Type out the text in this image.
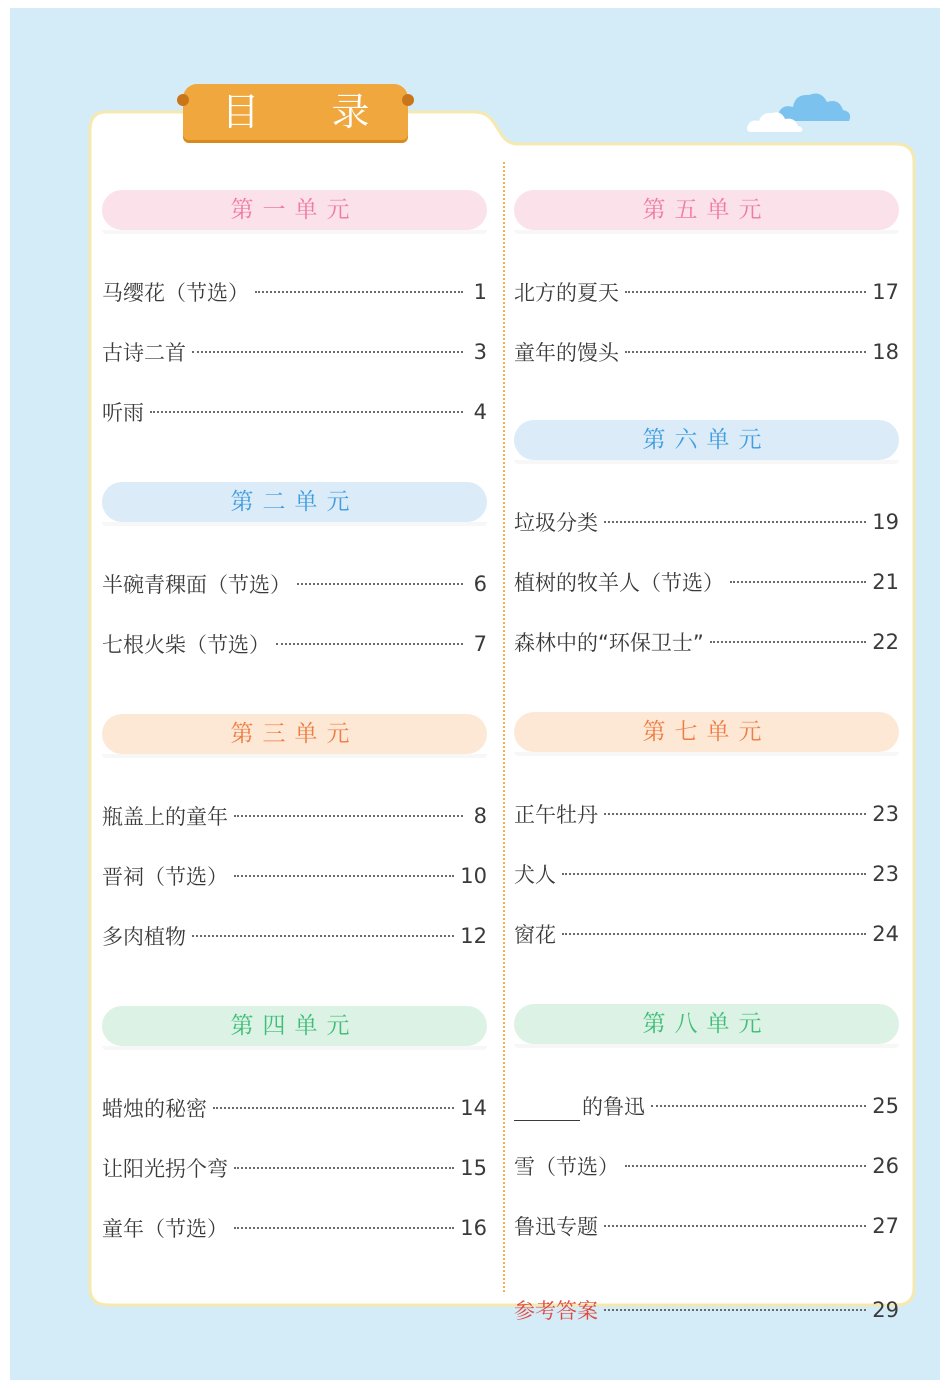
目 录
第一单元
马缨花（节选）	1
古诗二首	3
听雨	4
第二单元
半碗青稞面（节选）	6
七根火柴（节选）	7
第三单元
瓶盖上的童年	8
晋祠（节选）	10
多肉植物	12
第四单元
蜡烛的秘密	14
让阳光拐个弯	15
童年（节选）	16
第五单元
北方的夏天	17
童年的馒头	18
第六单元
垃圾分类	19
植树的牧羊人（节选）	21
森林中的“环保卫士”	22
第七单元
正午牡丹	23
犬人	23
窗花	24
第八单元
的鲁迅	25
雪（节选）	26
鲁迅专题	27
参考答案	29
